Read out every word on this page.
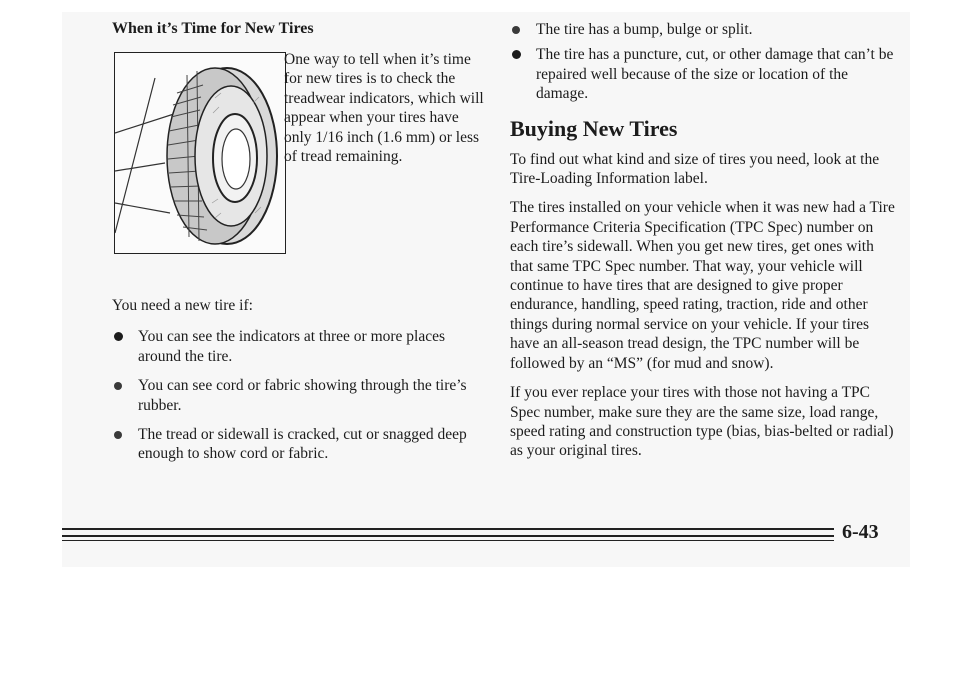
When it’s Time for New Tires
One way to tell when it’s time for new tires is to check the treadwear indicators, which will appear when your tires have only 1/16 inch (1.6 mm) or less of tread remaining.

You need a new tire if:

You can see the indicators at three or more places around the tire.
You can see cord or fabric showing through the tire’s rubber.
The tread or sidewall is cracked, cut or snagged deep enough to show cord or fabric.
The tire has a bump, bulge or split.
The tire has a puncture, cut, or other damage that can’t be repaired well because of the size or location of the damage.
Buying New Tires

To find out what kind and size of tires you need, look at the Tire-Loading Information label.

The tires installed on your vehicle when it was new had a Tire Performance Criteria Specification (TPC Spec) number on each tire’s sidewall. When you get new tires, get ones with that same TPC Spec number. That way, your vehicle will continue to have tires that are designed to give proper endurance, handling, speed rating, traction, ride and other things during normal service on your vehicle. If your tires have an all-season tread design, the TPC number will be followed by an “MS” (for mud and snow).

If you ever replace your tires with those not having a TPC Spec number, make sure they are the same size, load range, speed rating and construction type (bias, bias-belted or radial) as your original tires.

6-43
